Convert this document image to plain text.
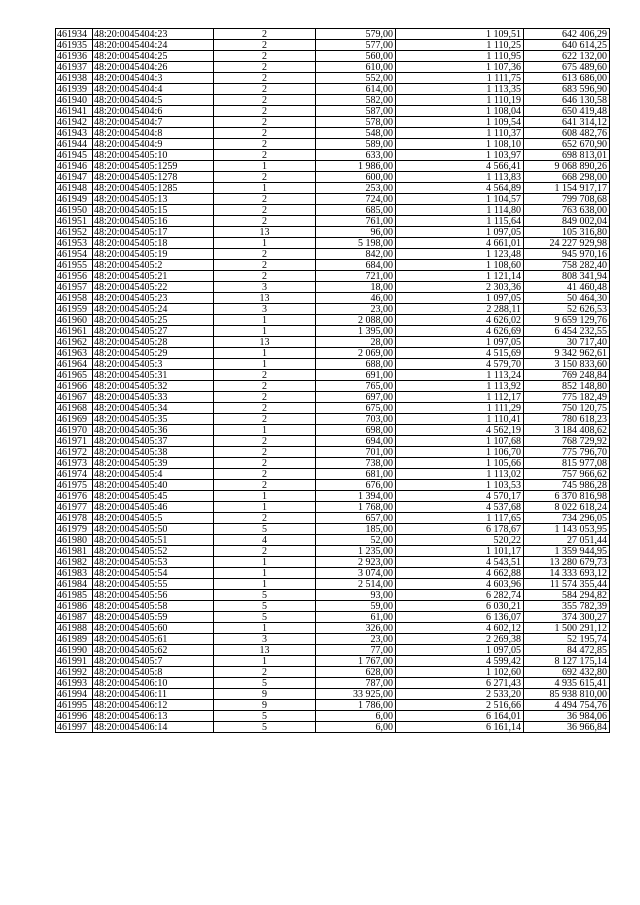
461934	48:20:0045404:23	2	579,00	1 109,51	642 406,29
461935	48:20:0045404:24	2	577,00	1 110,25	640 614,25
461936	48:20:0045404:25	2	560,00	1 110,95	622 132,00
461937	48:20:0045404:26	2	610,00	1 107,36	675 489,60
461938	48:20:0045404:3	2	552,00	1 111,75	613 686,00
461939	48:20:0045404:4	2	614,00	1 113,35	683 596,90
461940	48:20:0045404:5	2	582,00	1 110,19	646 130,58
461941	48:20:0045404:6	2	587,00	1 108,04	650 419,48
461942	48:20:0045404:7	2	578,00	1 109,54	641 314,12
461943	48:20:0045404:8	2	548,00	1 110,37	608 482,76
461944	48:20:0045404:9	2	589,00	1 108,10	652 670,90
461945	48:20:0045405:10	2	633,00	1 103,97	698 813,01
461946	48:20:0045405:1259	1	1 986,00	4 566,41	9 068 890,26
461947	48:20:0045405:1278	2	600,00	1 113,83	668 298,00
461948	48:20:0045405:1285	1	253,00	4 564,89	1 154 917,17
461949	48:20:0045405:13	2	724,00	1 104,57	799 708,68
461950	48:20:0045405:15	2	685,00	1 114,80	763 638,00
461951	48:20:0045405:16	2	761,00	1 115,64	849 002,04
461952	48:20:0045405:17	13	96,00	1 097,05	105 316,80
461953	48:20:0045405:18	1	5 198,00	4 661,01	24 227 929,98
461954	48:20:0045405:19	2	842,00	1 123,48	945 970,16
461955	48:20:0045405:2	2	684,00	1 108,60	758 282,40
461956	48:20:0045405:21	2	721,00	1 121,14	808 341,94
461957	48:20:0045405:22	3	18,00	2 303,36	41 460,48
461958	48:20:0045405:23	13	46,00	1 097,05	50 464,30
461959	48:20:0045405:24	3	23,00	2 288,11	52 626,53
461960	48:20:0045405:25	1	2 088,00	4 626,02	9 659 129,76
461961	48:20:0045405:27	1	1 395,00	4 626,69	6 454 232,55
461962	48:20:0045405:28	13	28,00	1 097,05	30 717,40
461963	48:20:0045405:29	1	2 069,00	4 515,69	9 342 962,61
461964	48:20:0045405:3	1	688,00	4 579,70	3 150 833,60
461965	48:20:0045405:31	2	691,00	1 113,24	769 248,84
461966	48:20:0045405:32	2	765,00	1 113,92	852 148,80
461967	48:20:0045405:33	2	697,00	1 112,17	775 182,49
461968	48:20:0045405:34	2	675,00	1 111,29	750 120,75
461969	48:20:0045405:35	2	703,00	1 110,41	780 618,23
461970	48:20:0045405:36	1	698,00	4 562,19	3 184 408,62
461971	48:20:0045405:37	2	694,00	1 107,68	768 729,92
461972	48:20:0045405:38	2	701,00	1 106,70	775 796,70
461973	48:20:0045405:39	2	738,00	1 105,66	815 977,08
461974	48:20:0045405:4	2	681,00	1 113,02	757 966,62
461975	48:20:0045405:40	2	676,00	1 103,53	745 986,28
461976	48:20:0045405:45	1	1 394,00	4 570,17	6 370 816,98
461977	48:20:0045405:46	1	1 768,00	4 537,68	8 022 618,24
461978	48:20:0045405:5	2	657,00	1 117,65	734 296,05
461979	48:20:0045405:50	5	185,00	6 178,67	1 143 053,95
461980	48:20:0045405:51	4	52,00	520,22	27 051,44
461981	48:20:0045405:52	2	1 235,00	1 101,17	1 359 944,95
461982	48:20:0045405:53	1	2 923,00	4 543,51	13 280 679,73
461983	48:20:0045405:54	1	3 074,00	4 662,88	14 333 693,12
461984	48:20:0045405:55	1	2 514,00	4 603,96	11 574 355,44
461985	48:20:0045405:56	5	93,00	6 282,74	584 294,82
461986	48:20:0045405:58	5	59,00	6 030,21	355 782,39
461987	48:20:0045405:59	5	61,00	6 136,07	374 300,27
461988	48:20:0045405:60	1	326,00	4 602,12	1 500 291,12
461989	48:20:0045405:61	3	23,00	2 269,38	52 195,74
461990	48:20:0045405:62	13	77,00	1 097,05	84 472,85
461991	48:20:0045405:7	1	1 767,00	4 599,42	8 127 175,14
461992	48:20:0045405:8	2	628,00	1 102,60	692 432,80
461993	48:20:0045406:10	5	787,00	6 271,43	4 935 615,41
461994	48:20:0045406:11	9	33 925,00	2 533,20	85 938 810,00
461995	48:20:0045406:12	9	1 786,00	2 516,66	4 494 754,76
461996	48:20:0045406:13	5	6,00	6 164,01	36 984,06
461997	48:20:0045406:14	5	6,00	6 161,14	36 966,84
